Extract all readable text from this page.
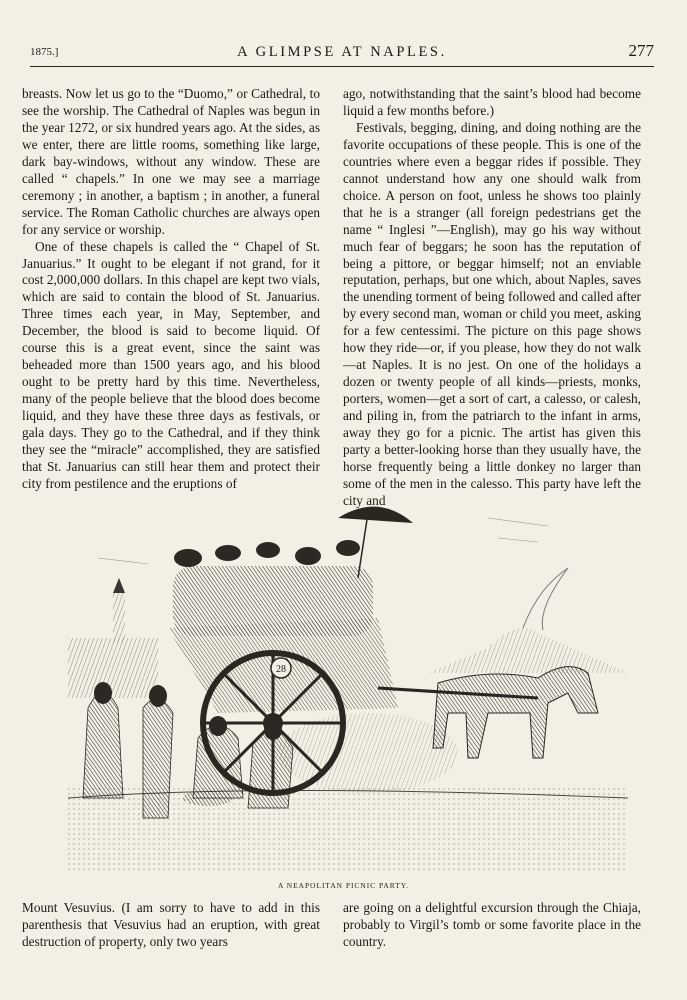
1875.]	A GLIMPSE AT NAPLES.	277

breasts. Now let us go to the “Duomo,” or Cathedral, to see the worship. The Cathedral of Naples was begun in the year 1272, or six hundred years ago. At the sides, as we enter, there are little rooms, something like large, dark bay-windows, without any window. These are called “ chapels.” In one we may see a marriage ceremony ; in another, a baptism ; in another, a funeral service. The Roman Catholic churches are always open for any service or worship.

One of these chapels is called the “ Chapel of St. Januarius.” It ought to be elegant if not grand, for it cost 2,000,000 dollars. In this chapel are kept two vials, which are said to contain the blood of St. Januarius. Three times each year, in May, September, and December, the blood is said to become liquid. Of course this is a great event, since the saint was beheaded more than 1500 years ago, and his blood ought to be pretty hard by this time. Nevertheless, many of the people believe that the blood does become liquid, and they have these three days as festivals, or gala days. They go to the Cathedral, and if they think they see the “miracle” accomplished, they are satisfied that St. Januarius can still hear them and protect their city from pestilence and the eruptions of

ago, notwithstanding that the saint’s blood had become liquid a few months before.)

Festivals, begging, dining, and doing nothing are the favorite occupations of these people. This is one of the countries where even a beggar rides if possible. They cannot understand how any one should walk from choice. A person on foot, unless he shows too plainly that he is a stranger (all foreign pedestrians get the name “ Inglesi ”—English), may go his way without much fear of beggars; he soon has the reputation of being a pittore, or beggar himself; not an enviable reputation, perhaps, but one which, about Naples, saves the unending torment of being followed and called after by every second man, woman or child you meet, asking for a few centessimi. The picture on this page shows how they ride—or, if you please, how they do not walk—at Naples. It is no jest. On one of the holidays a dozen or twenty people of all kinds—priests, monks, porters, women—get a sort of cart, a calesso, or calesh, and piling in, from the patriarch to the infant in arms, away they go for a picnic. The artist has given this party a better-looking horse than they usually have, the horse frequently being a little donkey no larger than some of the men in the calesso. This party have left the city and

28
A NEAPOLITAN PICNIC PARTY.

Mount Vesuvius. (I am sorry to have to add in this parenthesis that Vesuvius had an eruption, with great destruction of property, only two years

are going on a delightful excursion through the Chiaja, probably to Virgil’s tomb or some favorite place in the country.
